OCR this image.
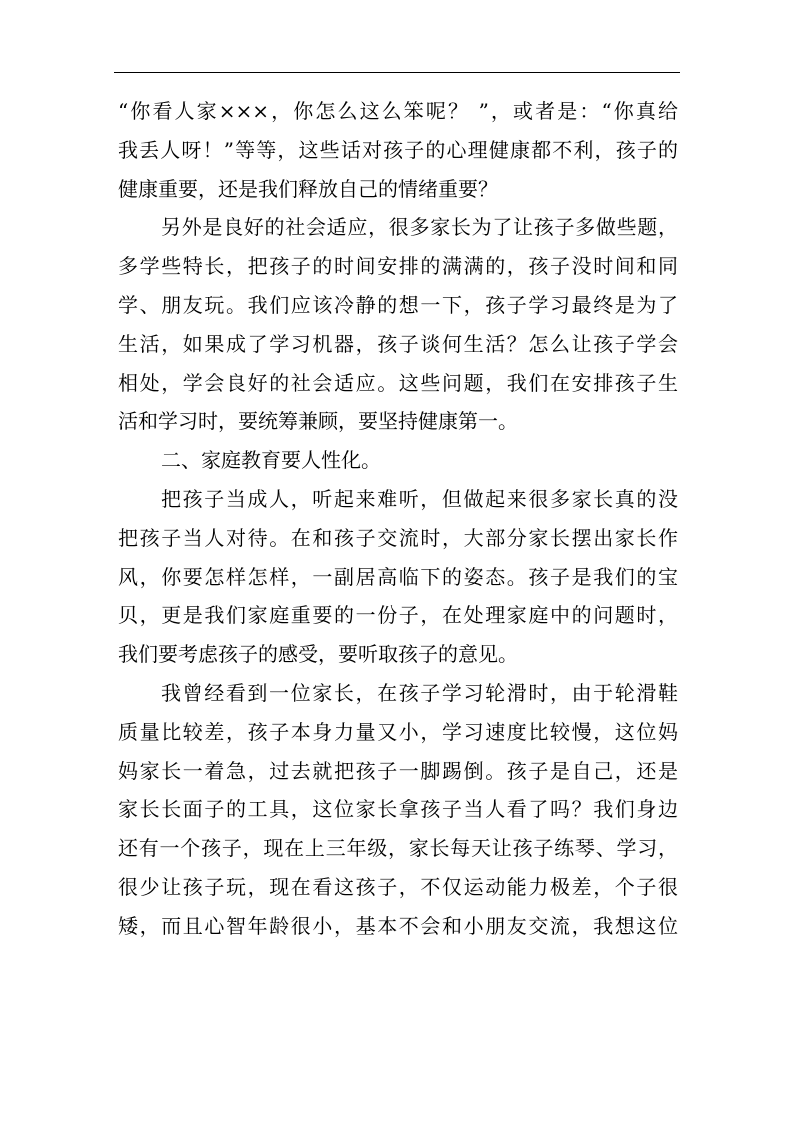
“你看人家×××，你怎么这么笨呢？ ”，或者是：“你真给
我丢人呀！”等等，这些话对孩子的心理健康都不利，孩子的
健康重要，还是我们释放自己的情绪重要？
另外是良好的社会适应，很多家长为了让孩子多做些题，
多学些特长，把孩子的时间安排的满满的，孩子没时间和同
学、朋友玩。我们应该冷静的想一下，孩子学习最终是为了
生活，如果成了学习机器，孩子谈何生活？怎么让孩子学会
相处，学会良好的社会适应。这些问题，我们在安排孩子生
活和学习时，要统筹兼顾，要坚持健康第一。
二、家庭教育要人性化。
把孩子当成人，听起来难听，但做起来很多家长真的没
把孩子当人对待。在和孩子交流时，大部分家长摆出家长作
风，你要怎样怎样，一副居高临下的姿态。孩子是我们的宝
贝，更是我们家庭重要的一份子，在处理家庭中的问题时，
我们要考虑孩子的感受，要听取孩子的意见。
我曾经看到一位家长，在孩子学习轮滑时，由于轮滑鞋
质量比较差，孩子本身力量又小，学习速度比较慢，这位妈
妈家长一着急，过去就把孩子一脚踢倒。孩子是自己，还是
家长长面子的工具，这位家长拿孩子当人看了吗？我们身边
还有一个孩子，现在上三年级，家长每天让孩子练琴、学习，
很少让孩子玩，现在看这孩子，不仅运动能力极差，个子很
矮，而且心智年龄很小，基本不会和小朋友交流，我想这位
